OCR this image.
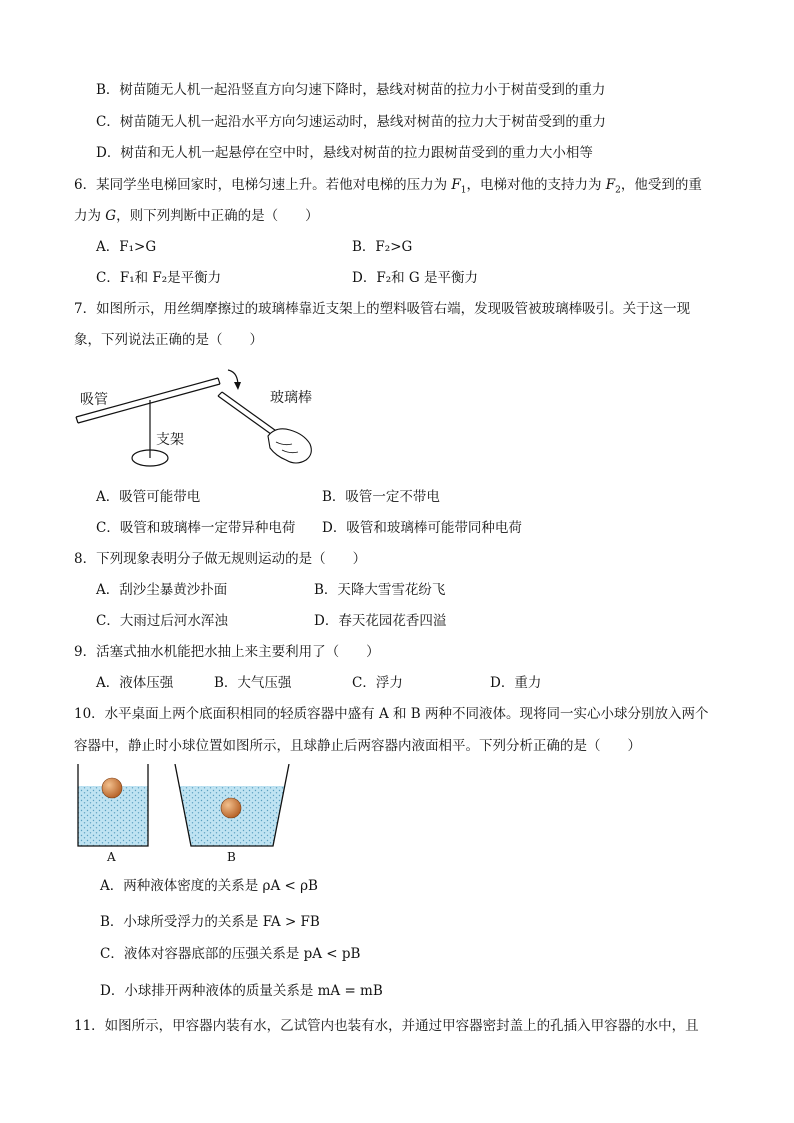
B．树苗随无人机一起沿竖直方向匀速下降时，悬线对树苗的拉力小于树苗受到的重力
C．树苗随无人机一起沿水平方向匀速运动时，悬线对树苗的拉力大于树苗受到的重力
D．树苗和无人机一起悬停在空中时，悬线对树苗的拉力跟树苗受到的重力大小相等
6．某同学坐电梯回家时，电梯匀速上升。若他对电梯的压力为 $F_1$，电梯对他的支持力为 $F_2$，他受到的重
力为 G，则下列判断中正确的是（　　）
A．F₁>G	B．F₂>G
C．F₁和 F₂是平衡力	D．F₂和 G 是平衡力
7．如图所示，用丝绸摩擦过的玻璃棒靠近支架上的塑料吸管右端，发现吸管被玻璃棒吸引。关于这一现
象，下列说法正确的是（　　）
吸管	玻璃棒
支架
A．吸管可能带电	B．吸管一定不带电
C．吸管和玻璃棒一定带异种电荷 D．吸管和玻璃棒可能带同种电荷
8．下列现象表明分子做无规则运动的是（　　）
A．刮沙尘暴黄沙扑面	B．天降大雪雪花纷飞
C．大雨过后河水浑浊	D．春天花园花香四溢
9．活塞式抽水机能把水抽上来主要利用了（　　）
A．液体压强	B．大气压强	C．浮力	D．重力
10．水平桌面上两个底面积相同的轻质容器中盛有 A 和 B 两种不同液体。现将同一实心小球分别放入两个
容器中，静止时小球位置如图所示，且球静止后两容器内液面相平。下列分析正确的是（　　）
A	B
A．两种液体密度的关系是 ρA < ρB
B．小球所受浮力的关系是 FA > FB
C．液体对容器底部的压强关系是 pA < pB
D．小球排开两种液体的质量关系是 mA = mB
11．如图所示，甲容器内装有水，乙试管内也装有水，并通过甲容器密封盖上的孔插入甲容器的水中，且
